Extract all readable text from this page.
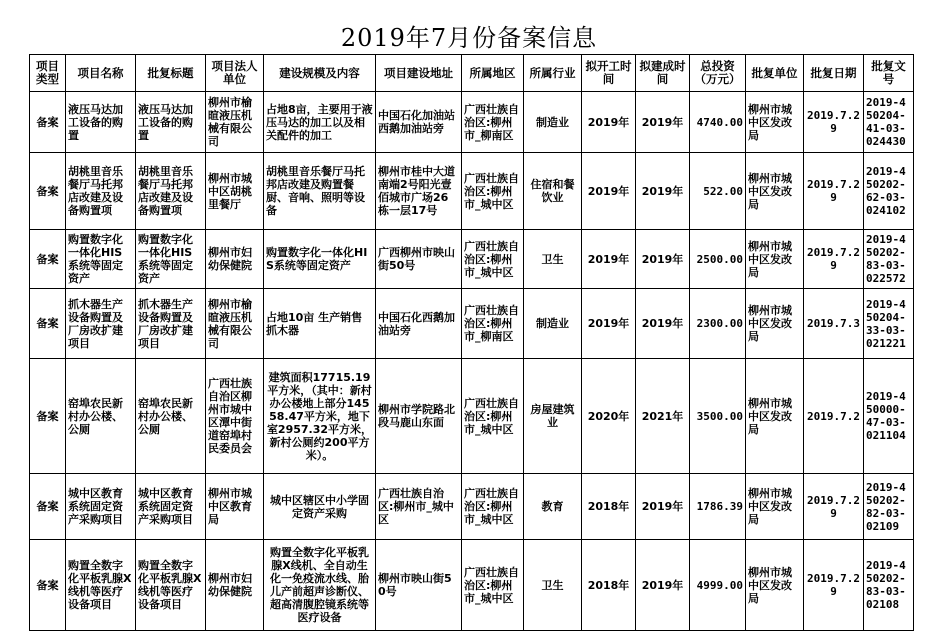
2019年7月份备案信息
项目类型	项目名称	批复标题	项目法人单位	建设规模及内容	项目建设地址	所属地区	所属行业	拟开工时间	拟建成时间	总投资（万元）	批复单位	批复日期	批复文号
备案	液压马达加工设备的购置	液压马达加工设备的购置	柳州市榆暄液压机械有限公司	占地8亩，主要用于液压马达的加工以及相关配件的加工	中国石化加油站西鹅加油站旁	广西壮族自治区:柳州市_柳南区	制造业	2019年	2019年	4740.00	柳州市城中区发改局	2019.7.29	2019-450204-41-03-024430
备案	胡桃里音乐餐厅马托邦店改建及设备购置项	胡桃里音乐餐厅马托邦店改建及设备购置项	柳州市城中区胡桃里餐厅	胡桃里音乐餐厅马托邦店改建及购置餐厨、音响、照明等设备	柳州市桂中大道南端2号阳光壹佰城市广场26栋一层17号	广西壮族自治区:柳州市_城中区	住宿和餐饮业	2019年	2019年	522.00	柳州市城中区发改局	2019.7.29	2019-450202-62-03-024102
备案	购置数字化一体化HIS系统等固定资产	购置数字化一体化HIS系统等固定资产	柳州市妇幼保健院	购置数字化一体化HIS系统等固定资产	广西柳州市映山街50号	广西壮族自治区:柳州市_城中区	卫生	2019年	2019年	2500.00	柳州市城中区发改局	2019.7.29	2019-450202-83-03-022572
备案	抓木器生产设备购置及厂房改扩建项目	抓木器生产设备购置及厂房改扩建项目	柳州市榆暄液压机械有限公司	占地10亩 生产销售抓木器	中国石化西鹅加油站旁	广西壮族自治区:柳州市_柳南区	制造业	2019年	2019年	2300.00	柳州市城中区发改局	2019.7.3	2019-450204-33-03-021221
备案	窑埠农民新村办公楼、公厕	窑埠农民新村办公楼、公厕	广西壮族自治区柳州市城中区潭中街道窑埠村民委员会	建筑面积17715.19平方米，（其中：新村办公楼地上部分14558.47平方米，地下室2957.32平方米，新村公厕约200平方米）。	柳州市学院路北段马鹿山东面	广西壮族自治区:柳州市_城中区	房屋建筑业	2020年	2021年	3500.00	柳州市城中区发改局	2019.7.2	2019-450000-47-03-021104
备案	城中区教育系统固定资产采购项目	城中区教育系统固定资产采购项目	柳州市城中区教育局	城中区辖区中小学固定资产采购	广西壮族自治区:柳州市_城中区	广西壮族自治区:柳州市_城中区	教育	2018年	2019年	1786.39	柳州市城中区发改局	2019.7.29	2019-450202-82-03-02109
备案	购置全数字化平板乳腺X线机等医疗设备项目	购置全数字化平板乳腺X线机等医疗设备项目	柳州市妇幼保健院	购置全数字化平板乳腺X线机、全自动生化一免疫流水线、胎儿产前超声诊断仪、超高清腹腔镜系统等医疗设备	柳州市映山街50号	广西壮族自治区:柳州市_城中区	卫生	2018年	2019年	4999.00	柳州市城中区发改局	2019.7.29	2019-450202-83-03-02108
